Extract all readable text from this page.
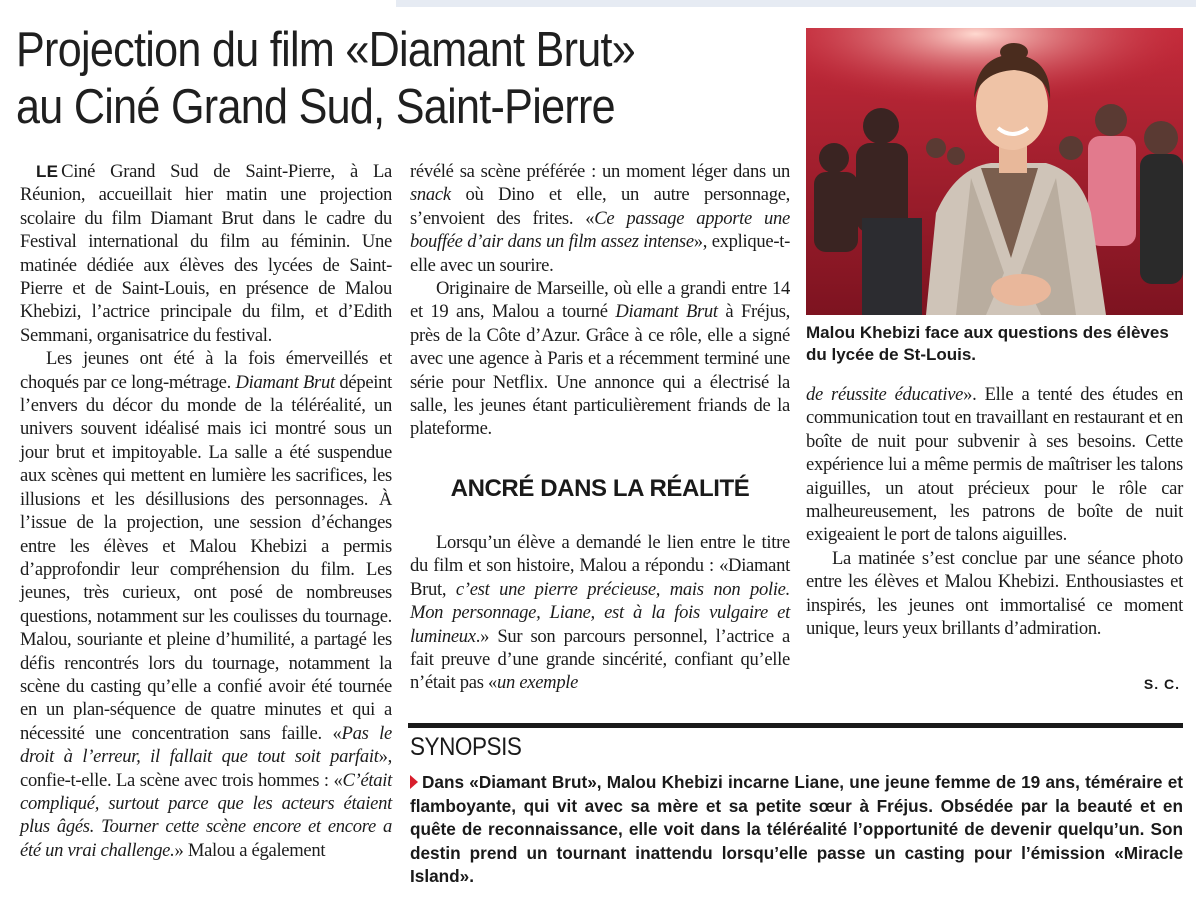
Projection du film «Diamant Brut»
au Ciné Grand Sud, Saint-Pierre

LE Ciné Grand Sud de Saint-Pierre, à La Réunion, accueillait hier matin une projection scolaire du film Diamant Brut dans le cadre du Festival international du film au féminin. Une matinée dédiée aux élèves des lycées de Saint-Pierre et de Saint-Louis, en présence de Malou Khebizi, l’actrice principale du film, et d’Edith Semmani, organisatrice du festival.

Les jeunes ont été à la fois émerveillés et choqués par ce long-métrage. Diamant Brut dépeint l’envers du décor du monde de la téléréalité, un univers souvent idéalisé mais ici montré sous un jour brut et impitoyable. La salle a été suspendue aux scènes qui mettent en lumière les sacrifices, les illusions et les désillusions des personnages. À l’issue de la projection, une session d’échanges entre les élèves et Malou Khebizi a permis d’approfondir leur compréhension du film. Les jeunes, très curieux, ont posé de nombreuses questions, notamment sur les coulisses du tournage. Malou, souriante et pleine d’humilité, a partagé les défis rencontrés lors du tournage, notamment la scène du casting qu’elle a confié avoir été tournée en un plan-séquence de quatre minutes et qui a nécessité une concentration sans faille. «Pas le droit à l’erreur, il fallait que tout soit parfait», confie-t-elle. La scène avec trois hommes : «C’était compliqué, surtout parce que les acteurs étaient plus âgés. Tourner cette scène encore et encore a été un vrai challenge.» Malou a également

révélé sa scène préférée : un moment léger dans un snack où Dino et elle, un autre personnage, s’envoient des frites. «Ce passage apporte une bouffée d’air dans un film assez intense», explique-t-elle avec un sourire.

Originaire de Marseille, où elle a grandi entre 14 et 19 ans, Malou a tourné Diamant Brut à Fréjus, près de la Côte d’Azur. Grâce à ce rôle, elle a signé avec une agence à Paris et a récemment terminé une série pour Netflix. Une annonce qui a électrisé la salle, les jeunes étant particulièrement friands de la plateforme.

ANCRÉ DANS LA RÉALITÉ

Lorsqu’un élève a demandé le lien entre le titre du film et son histoire, Malou a répondu : «Diamant Brut, c’est une pierre précieuse, mais non polie. Mon personnage, Liane, est à la fois vulgaire et lumineux.» Sur son parcours personnel, l’actrice a fait preuve d’une grande sincérité, confiant qu’elle n’était pas «un exemple

Malou Khebizi face aux questions des élèves du lycée de St-Louis.

de réussite éducative». Elle a tenté des études en communication tout en travaillant en restaurant et en boîte de nuit pour subvenir à ses besoins. Cette expérience lui a même permis de maîtriser les talons aiguilles, un atout précieux pour le rôle car malheureusement, les patrons de boîte de nuit exigeaient le port de talons aiguilles.

La matinée s’est conclue par une séance photo entre les élèves et Malou Khebizi. Enthousiastes et inspirés, les jeunes ont immortalisé ce moment unique, leurs yeux brillants d’admiration.

S. C.

SYNOPSIS

Dans «Diamant Brut», Malou Khebizi incarne Liane, une jeune femme de 19 ans, téméraire et flamboyante, qui vit avec sa mère et sa petite sœur à Fréjus. Obsédée par la beauté et en quête de reconnaissance, elle voit dans la téléréalité l’opportunité de devenir quelqu’un. Son destin prend un tournant inattendu lorsqu’elle passe un casting pour l’émission «Miracle Island».
